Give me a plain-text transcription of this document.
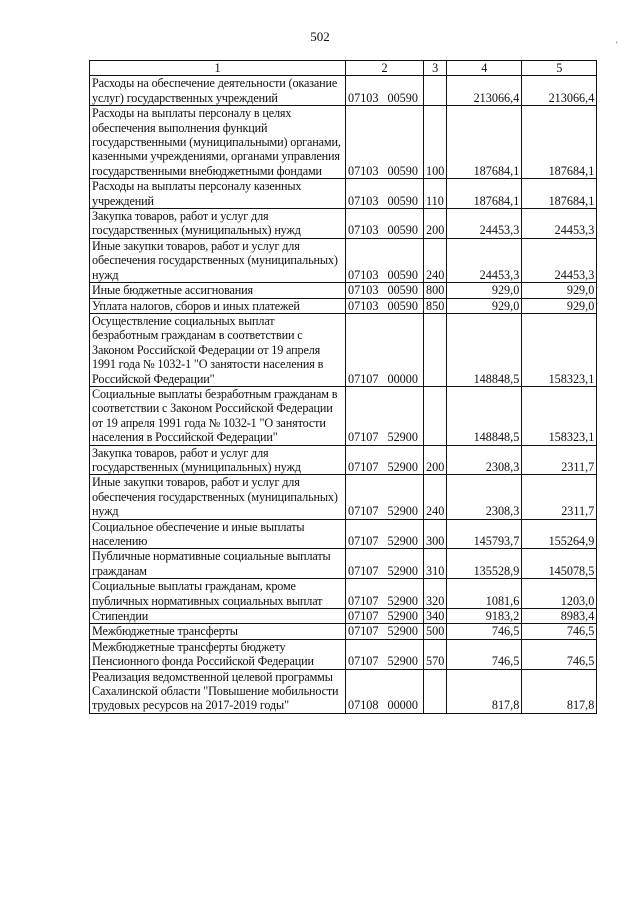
502
'
1	2	3	4	5
Расходы на обеспечение деятельности (оказание услуг) государственных учреждений	07103 00590		213066,4	213066,4
Расходы на выплаты персоналу в целях обеспечения выполнения функций государственными (муниципальными) органами, казенными учреждениями, органами управления государственными внебюджетными фондами	07103 00590	100	187684,1	187684,1
Расходы на выплаты персоналу казенных учреждений	07103 00590	110	187684,1	187684,1
Закупка товаров, работ и услуг для государственных (муниципальных) нужд	07103 00590	200	24453,3	24453,3
Иные закупки товаров, работ и услуг для обеспечения государственных (муниципальных) нужд	07103 00590	240	24453,3	24453,3
Иные бюджетные ассигнования	07103 00590	800	929,0	929,0
Уплата налогов, сборов и иных платежей	07103 00590	850	929,0	929,0
Осуществление социальных выплат безработным гражданам в соответствии с Законом Российской Федерации от 19 апреля 1991 года № 1032-1 "О занятости населения в Российской Федерации"	07107 00000		148848,5	158323,1
Социальные выплаты безработным гражданам в соответствии с Законом Российской Федерации от 19 апреля 1991 года № 1032-1 "О занятости населения в Российской Федерации"	07107 52900		148848,5	158323,1
Закупка товаров, работ и услуг для государственных (муниципальных) нужд	07107 52900	200	2308,3	2311,7
Иные закупки товаров, работ и услуг для обеспечения государственных (муниципальных) нужд	07107 52900	240	2308,3	2311,7
Социальное обеспечение и иные выплаты населению	07107 52900	300	145793,7	155264,9
Публичные нормативные социальные выплаты гражданам	07107 52900	310	135528,9	145078,5
Социальные выплаты гражданам, кроме публичных нормативных социальных выплат	07107 52900	320	1081,6	1203,0
Стипендии	07107 52900	340	9183,2	8983,4
Межбюджетные трансферты	07107 52900	500	746,5	746,5
Межбюджетные трансферты бюджету Пенсионного фонда Российской Федерации	07107 52900	570	746,5	746,5
Реализация ведомственной целевой программы Сахалинской области "Повышение мобильности трудовых ресурсов на 2017-2019 годы"	07108 00000		817,8	817,8
